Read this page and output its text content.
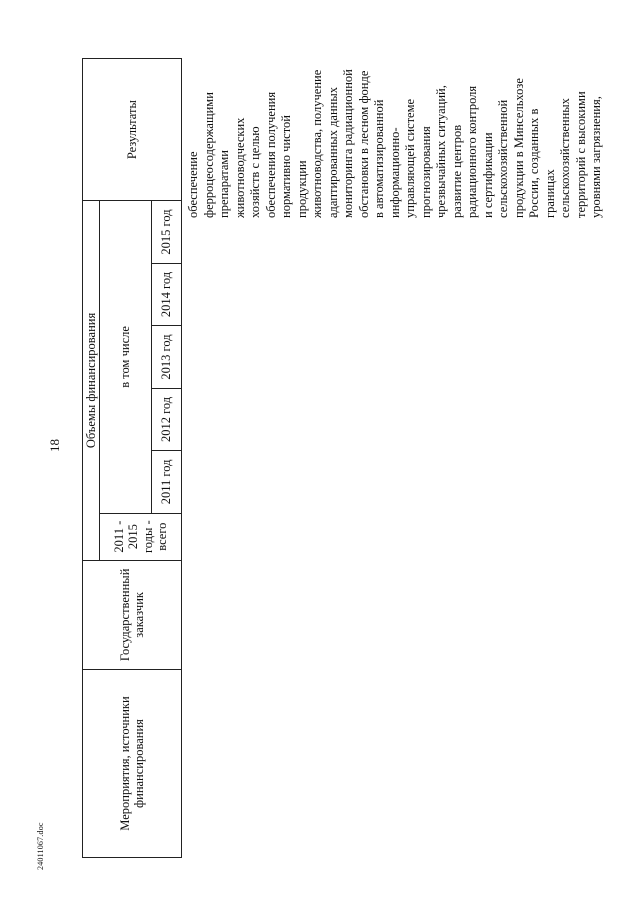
18
24011067.doc
Мероприятия, источники финансирования	Государственный заказчик	Объемы финансирования						Результаты
		2011 - 2015 годы - всего	в том числе					
			2011 год	2012 год	2013 год	2014 год	2015 год	
обеспечение ферроцеосодержащими препаратами животноводческих хозяйств с целью обеспечения получения нормативно чистой продукции животноводства, получение адаптированных данных мониторинга радиационной обстановки в лесном фонде в автоматизированной информационно- управляющей системе прогнозирования чрезвычайных ситуаций, развитие центров радиационного контроля и сертификации сельскохозяйственной продукции в Минсельхозе России, созданных в границах сельскохозяйственных территорий с высокими уровнями загрязнения,
